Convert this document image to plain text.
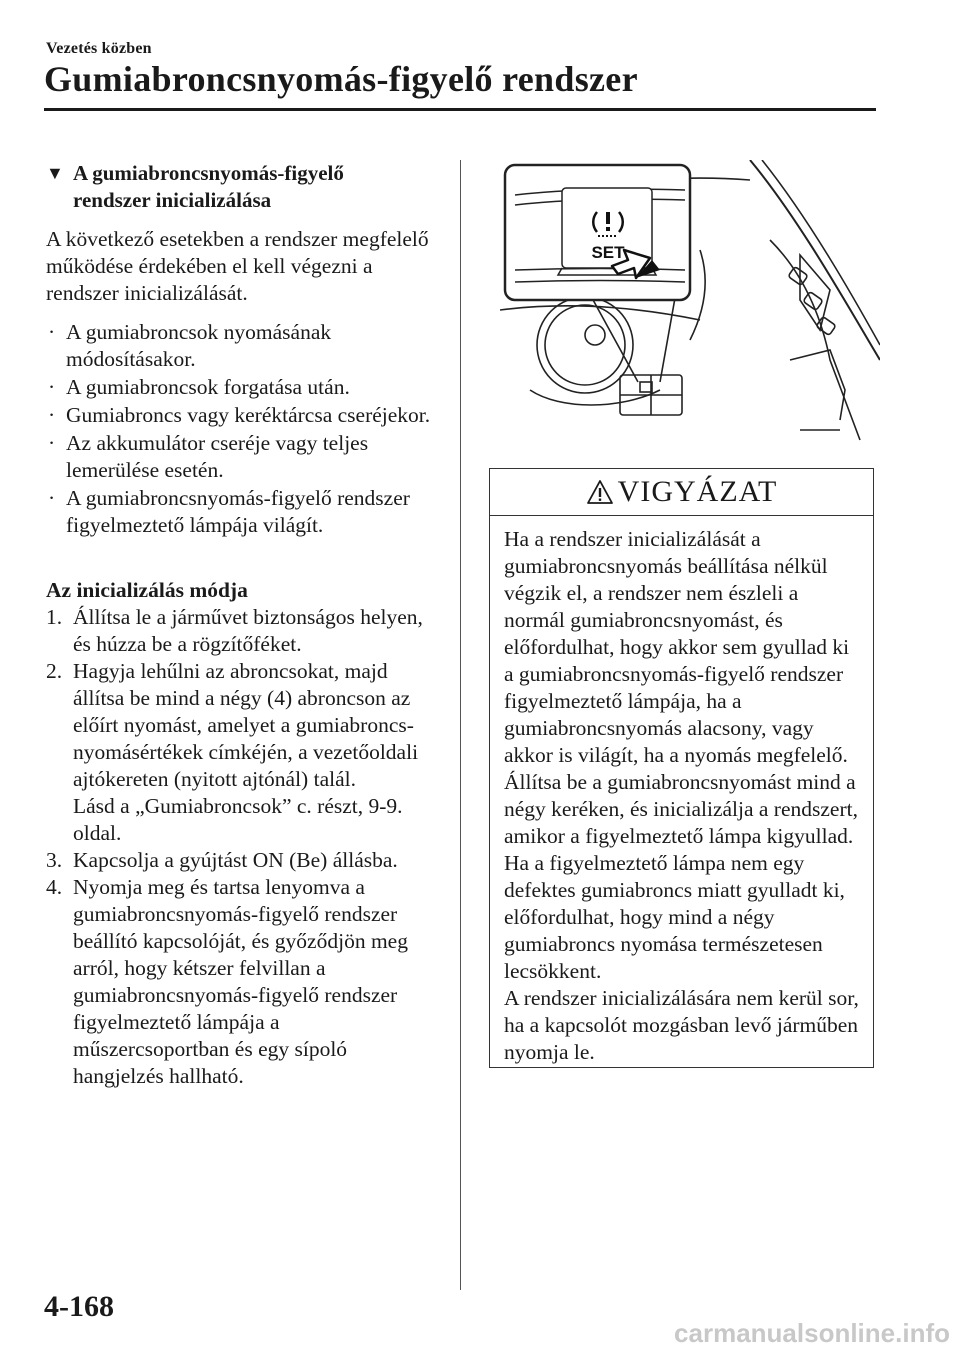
Vezetés közben
Gumiabroncsnyomás-figyelő rendszer
▼ A gumiabroncsnyomás-figyelő
rendszer inicializálása
A következő esetekben a rendszer megfelelő működése érdekében el kell végezni a rendszer inicializálását.
· A gumiabroncsok nyomásának módosításakor.
· A gumiabroncsok forgatása után.
· Gumiabroncs vagy keréktárcsa cseréjekor.
· Az akkumulátor cseréje vagy teljes lemerülése esetén.
· A gumiabroncsnyomás-figyelő rendszer figyelmeztető lámpája világít.
Az inicializálás módja
1. Állítsa le a járművet biztonságos helyen, és húzza be a rögzítőféket.
2. Hagyja lehűlni az abroncsokat, majd állítsa be mind a négy (4) abroncson az előírt nyomást, amelyet a gumiabroncs-nyomásértékek címkéjén, a vezetőoldali ajtókereten (nyitott ajtónál) talál.
Lásd a „Gumiabroncsok” c. részt, 9-9. oldal.
3. Kapcsolja a gyújtást ON (Be) állásba.
4. Nyomja meg és tartsa lenyomva a gumiabroncsnyomás-figyelő rendszer beállító kapcsolóját, és győződjön meg arról, hogy kétszer felvillan a gumiabroncsnyomás-figyelő rendszer figyelmeztető lámpája a műszercsoportban és egy sípoló hangjelzés hallható.
SET
VIGYÁZAT
Ha a rendszer inicializálását a gumiabroncsnyomás beállítása nélkül végzik el, a rendszer nem észleli a normál gumiabroncsnyomást, és előfordulhat, hogy akkor sem gyullad ki a gumiabroncsnyomás-figyelő rendszer figyelmeztető lámpája, ha a gumiabroncsnyomás alacsony, vagy akkor is világít, ha a nyomás megfelelő. Állítsa be a gumiabroncsnyomást mind a négy keréken, és inicializálja a rendszert, amikor a figyelmeztető lámpa kigyullad. Ha a figyelmeztető lámpa nem egy defektes gumiabroncs miatt gyulladt ki, előfordulhat, hogy mind a négy gumiabroncs nyomása természetesen lecsökkent.
A rendszer inicializálására nem kerül sor, ha a kapcsolót mozgásban levő járműben nyomja le.
4-168
carmanualsonline.info
